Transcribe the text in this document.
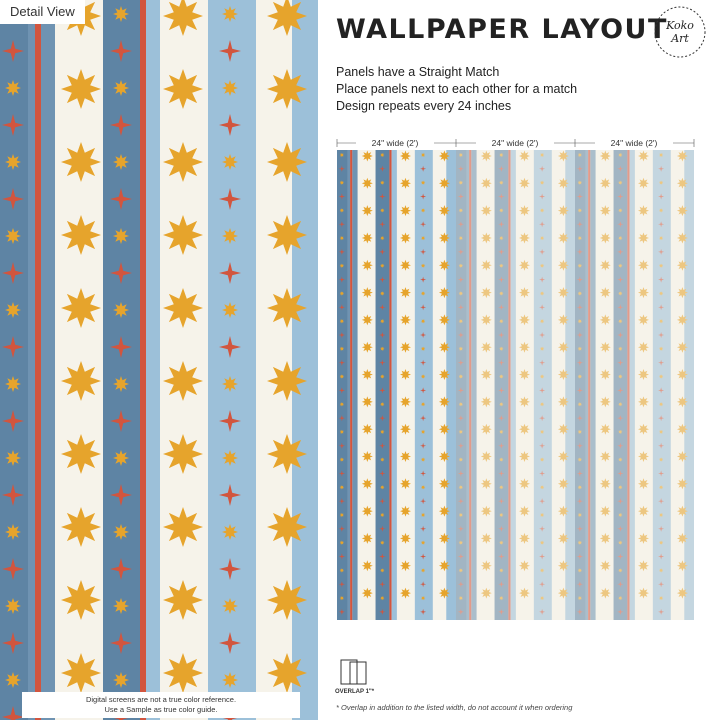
Detail View
Digital screens are not a true color reference.
Use a Sample as true color guide.
WALLPAPER LAYOUT
Koko
Art
Panels have a Straight Match
Place panels next to each other for a match
Design repeats every 24 inches
24" wide (2')	24" wide (2')	24" wide (2')
OVERLAP 1"*
* Overlap in addition to the listed width, do not account it when ordering
